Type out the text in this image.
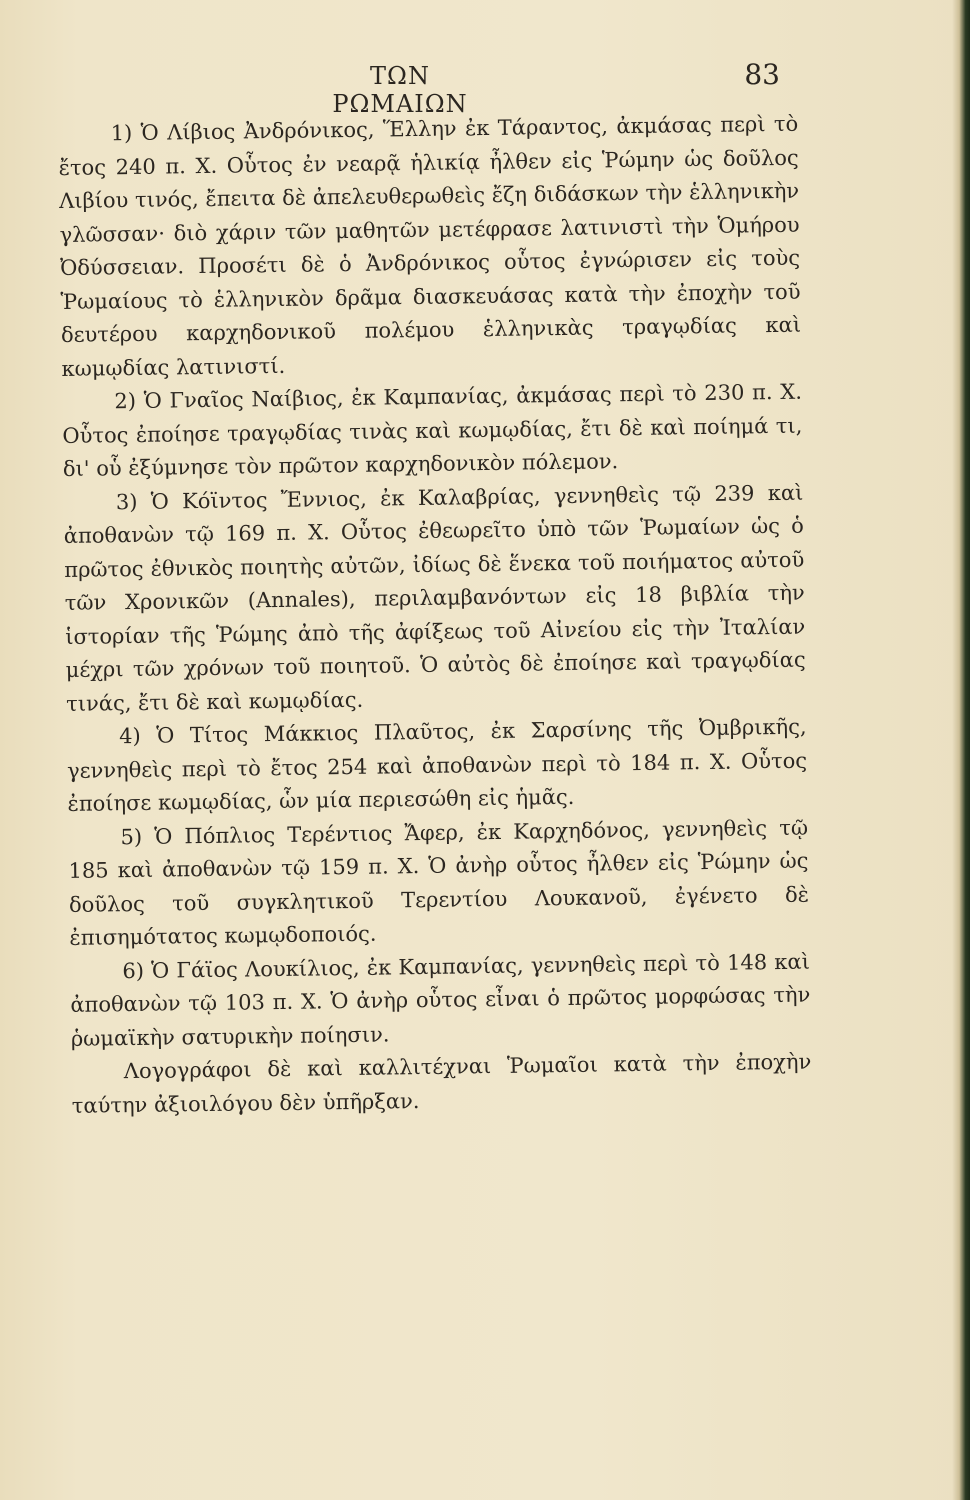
ΤΩΝ ΡΩΜΑΙΩΝ
83

1) Ὁ Λίβιος Ἀνδρόνικος, Ἕλλην ἐκ Τάραντος, ἀκμάσας περὶ τὸ ἔτος 240 π. Χ. Οὗτος ἐν νεαρᾷ ἡλικίᾳ ἦλθεν εἰς Ῥώμην ὡς δοῦλος Λιβίου τινός, ἔπειτα δὲ ἀπελευθερωθεὶς ἔζη διδάσκων τὴν ἑλληνικὴν γλῶσσαν· διὸ χάριν τῶν μαθητῶν μετέφρασε λατινιστὶ τὴν Ὁμήρου Ὀδύσσειαν. Προσέτι δὲ ὁ Ἀνδρόνικος οὗτος ἐγνώρισεν εἰς τοὺς Ῥωμαίους τὸ ἑλληνικὸν δρᾶμα διασκευάσας κατὰ τὴν ἐποχὴν τοῦ δευτέρου καρχηδονικοῦ πολέμου ἑλληνικὰς τραγῳδίας καὶ κωμῳδίας λατινιστί.

2) Ὁ Γναῖος Ναίβιος, ἐκ Καμπανίας, ἀκμάσας περὶ τὸ 230 π. Χ. Οὗτος ἐποίησε τραγῳδίας τινὰς καὶ κωμῳδίας, ἔτι δὲ καὶ ποίημά τι, δι' οὗ ἐξύμνησε τὸν πρῶτον καρχηδονικὸν πόλεμον.

3) Ὁ Κόϊντος Ἔννιος, ἐκ Καλαβρίας, γεννηθεὶς τῷ 239 καὶ ἀποθανὼν τῷ 169 π. Χ. Οὗτος ἐθεωρεῖτο ὑπὸ τῶν Ῥωμαίων ὡς ὁ πρῶτος ἐθνικὸς ποιητὴς αὐτῶν, ἰδίως δὲ ἕνεκα τοῦ ποιήματος αὐτοῦ τῶν Χρονικῶν (Annales), περιλαμβανόντων εἰς 18 βιβλία τὴν ἱστορίαν τῆς Ῥώμης ἀπὸ τῆς ἀφίξεως τοῦ Αἰνείου εἰς τὴν Ἰταλίαν μέχρι τῶν χρόνων τοῦ ποιητοῦ. Ὁ αὐτὸς δὲ ἐποίησε καὶ τραγῳδίας τινάς, ἔτι δὲ καὶ κωμῳδίας.

4) Ὁ Τίτος Μάκκιος Πλαῦτος, ἐκ Σαρσίνης τῆς Ὀμβρικῆς, γεννηθεὶς περὶ τὸ ἔτος 254 καὶ ἀποθανὼν περὶ τὸ 184 π. Χ. Οὗτος ἐποίησε κωμῳδίας, ὧν μία περιεσώθη εἰς ἡμᾶς.

5) Ὁ Πόπλιος Τερέντιος Ἄφερ, ἐκ Καρχηδόνος, γεννηθεὶς τῷ 185 καὶ ἀποθανὼν τῷ 159 π. Χ. Ὁ ἀνὴρ οὗτος ἦλθεν εἰς Ῥώμην ὡς δοῦλος τοῦ συγκλητικοῦ Τερεντίου Λουκανοῦ, ἐγένετο δὲ ἐπισημότατος κωμῳδοποιός.

6) Ὁ Γάϊος Λουκίλιος, ἐκ Καμπανίας, γεννηθεὶς περὶ τὸ 148 καὶ ἀποθανὼν τῷ 103 π. Χ. Ὁ ἀνὴρ οὗτος εἶναι ὁ πρῶτος μορφώσας τὴν ῥωμαϊκὴν σατυρικὴν ποίησιν.

Λογογράφοι δὲ καὶ καλλιτέχναι Ῥωμαῖοι κατὰ τὴν ἐποχὴν ταύτην ἀξιοιλόγου δὲν ὑπῆρξαν.
